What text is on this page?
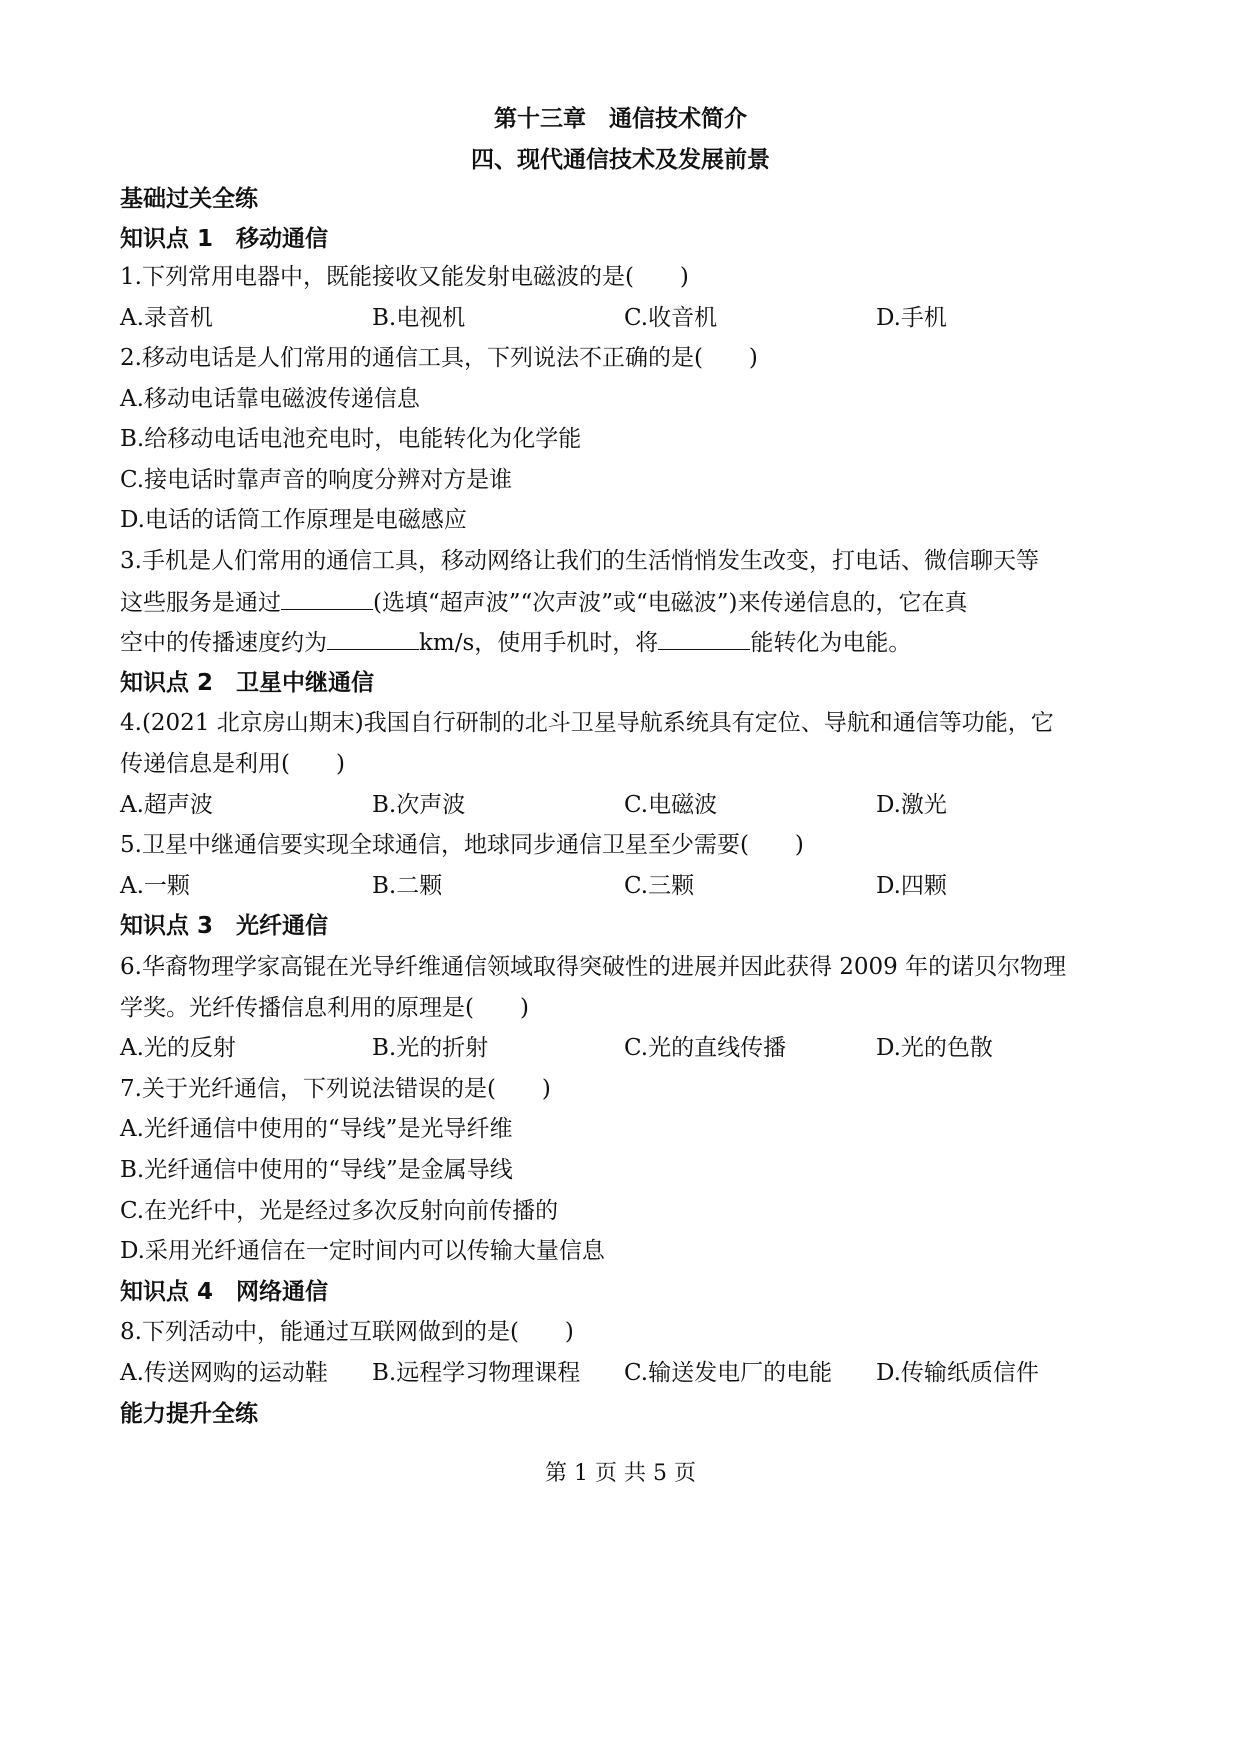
第十三章　通信技术简介
四、现代通信技术及发展前景
基础过关全练
知识点 1　移动通信
1.下列常用电器中，既能接收又能发射电磁波的是(　　)
A.录音机	B.电视机	C.收音机	D.手机
2.移动电话是人们常用的通信工具，下列说法不正确的是(　　)
A.移动电话靠电磁波传递信息
B.给移动电话电池充电时，电能转化为化学能
C.接电话时靠声音的响度分辨对方是谁
D.电话的话筒工作原理是电磁感应
3.手机是人们常用的通信工具，移动网络让我们的生活悄悄发生改变，打电话、微信聊天等
这些服务是通过	(选填“超声波”“次声波”或“电磁波”)来传递信息的，它在真
空中的传播速度约为	km/s，使用手机时，将	能转化为电能。
知识点 2　卫星中继通信
4.(2021 北京房山期末)我国自行研制的北斗卫星导航系统具有定位、导航和通信等功能，它
传递信息是利用(　　)
A.超声波	B.次声波	C.电磁波	D.激光
5.卫星中继通信要实现全球通信，地球同步通信卫星至少需要(　　)
A.一颗	B.二颗	C.三颗	D.四颗
知识点 3　光纤通信
6.华裔物理学家高锟在光导纤维通信领域取得突破性的进展并因此获得 2009 年的诺贝尔物理
学奖。光纤传播信息利用的原理是(　　)
A.光的反射	B.光的折射	C.光的直线传播	D.光的色散
7.关于光纤通信，下列说法错误的是(　　)
A.光纤通信中使用的“导线”是光导纤维
B.光纤通信中使用的“导线”是金属导线
C.在光纤中，光是经过多次反射向前传播的
D.采用光纤通信在一定时间内可以传输大量信息
知识点 4　网络通信
8.下列活动中，能通过互联网做到的是(　　)
A.传送网购的运动鞋 B.远程学习物理课程 C.输送发电厂的电能 D.传输纸质信件
能力提升全练
第 1 页 共 5 页
